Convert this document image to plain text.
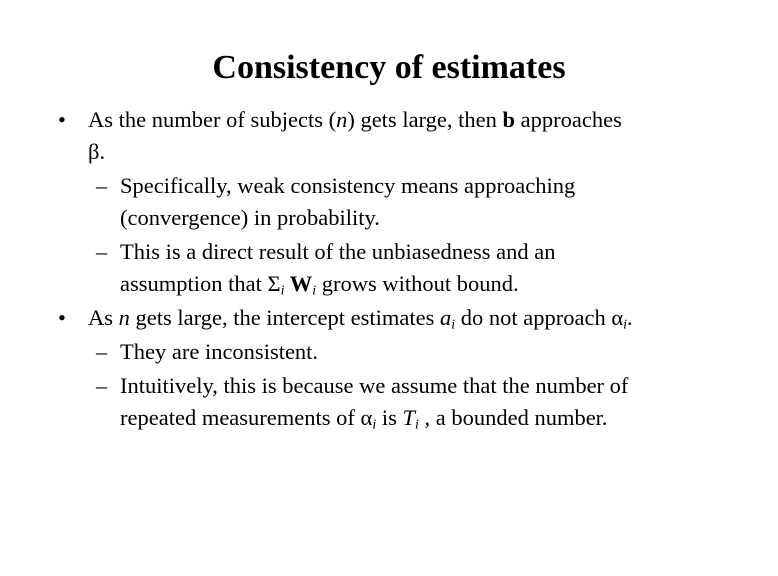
Consistency of estimates
• As the number of subjects (n) gets large, then b approaches
β.
– Specifically, weak consistency means approaching
(convergence) in probability.
– This is a direct result of the unbiasedness and an
assumption that $\Sigma_i$ $W_i$ grows without bound.
• As n gets large, the intercept estimates $a_i$ do not approach $\alpha_i$.
– They are inconsistent.
– Intuitively, this is because we assume that the number of
repeated measurements of $\alpha_i$ is $T_i$ , a bounded number.
